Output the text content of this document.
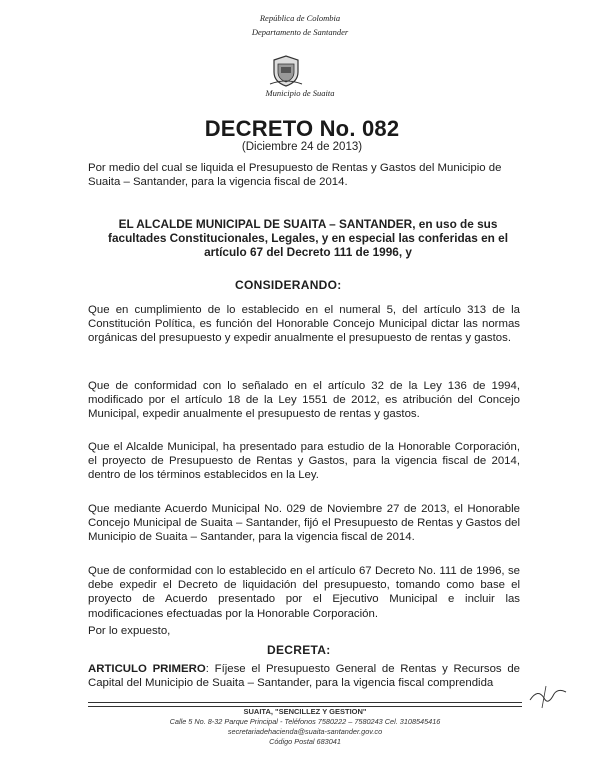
República de Colombia
Departamento de Santander
Municipio de Suaita
DECRETO No. 082
(Diciembre 24 de 2013)
Por medio del cual se liquida el Presupuesto de Rentas y Gastos del Municipio de Suaita – Santander, para la vigencia fiscal de 2014.
EL ALCALDE MUNICIPAL DE SUAITA – SANTANDER, en uso de sus facultades Constitucionales, Legales, y en especial las conferidas en el artículo 67 del Decreto 111 de 1996, y
CONSIDERANDO:
Que en cumplimiento de lo establecido en el numeral 5, del artículo 313 de la Constitución Política, es función del Honorable Concejo Municipal dictar las normas orgánicas del presupuesto y expedir anualmente el presupuesto de rentas y gastos.
Que de conformidad con lo señalado en el artículo 32 de la Ley 136 de 1994, modificado por el artículo 18 de la Ley 1551 de 2012, es atribución del Concejo Municipal, expedir anualmente el presupuesto de rentas y gastos.
Que el Alcalde Municipal, ha presentado para estudio de la Honorable Corporación, el proyecto de Presupuesto de Rentas y Gastos, para la vigencia fiscal de 2014, dentro de los términos establecidos en la Ley.
Que mediante Acuerdo Municipal No. 029 de Noviembre 27 de 2013, el Honorable Concejo Municipal de Suaita – Santander, fijó el Presupuesto de Rentas y Gastos del Municipio de Suaita – Santander, para la vigencia fiscal de 2014.
Que de conformidad con lo establecido en el artículo 67 Decreto No. 111 de 1996, se debe expedir el Decreto de liquidación del presupuesto, tomando como base el proyecto de Acuerdo presentado por el Ejecutivo Municipal e incluir las modificaciones efectuadas por la Honorable Corporación.
Por lo expuesto,
DECRETA:
ARTICULO PRIMERO: Fíjese el Presupuesto General de Rentas y Recursos de Capital del Municipio de Suaita – Santander, para la vigencia fiscal comprendida
SUAITA, "SENCILLEZ Y GESTION"
Calle 5 No. 8-32 Parque Principal - Teléfonos 7580222 – 7580243 Cel. 3108545416
secretariadehacienda@suaita-santander.gov.co
Código Postal 683041
